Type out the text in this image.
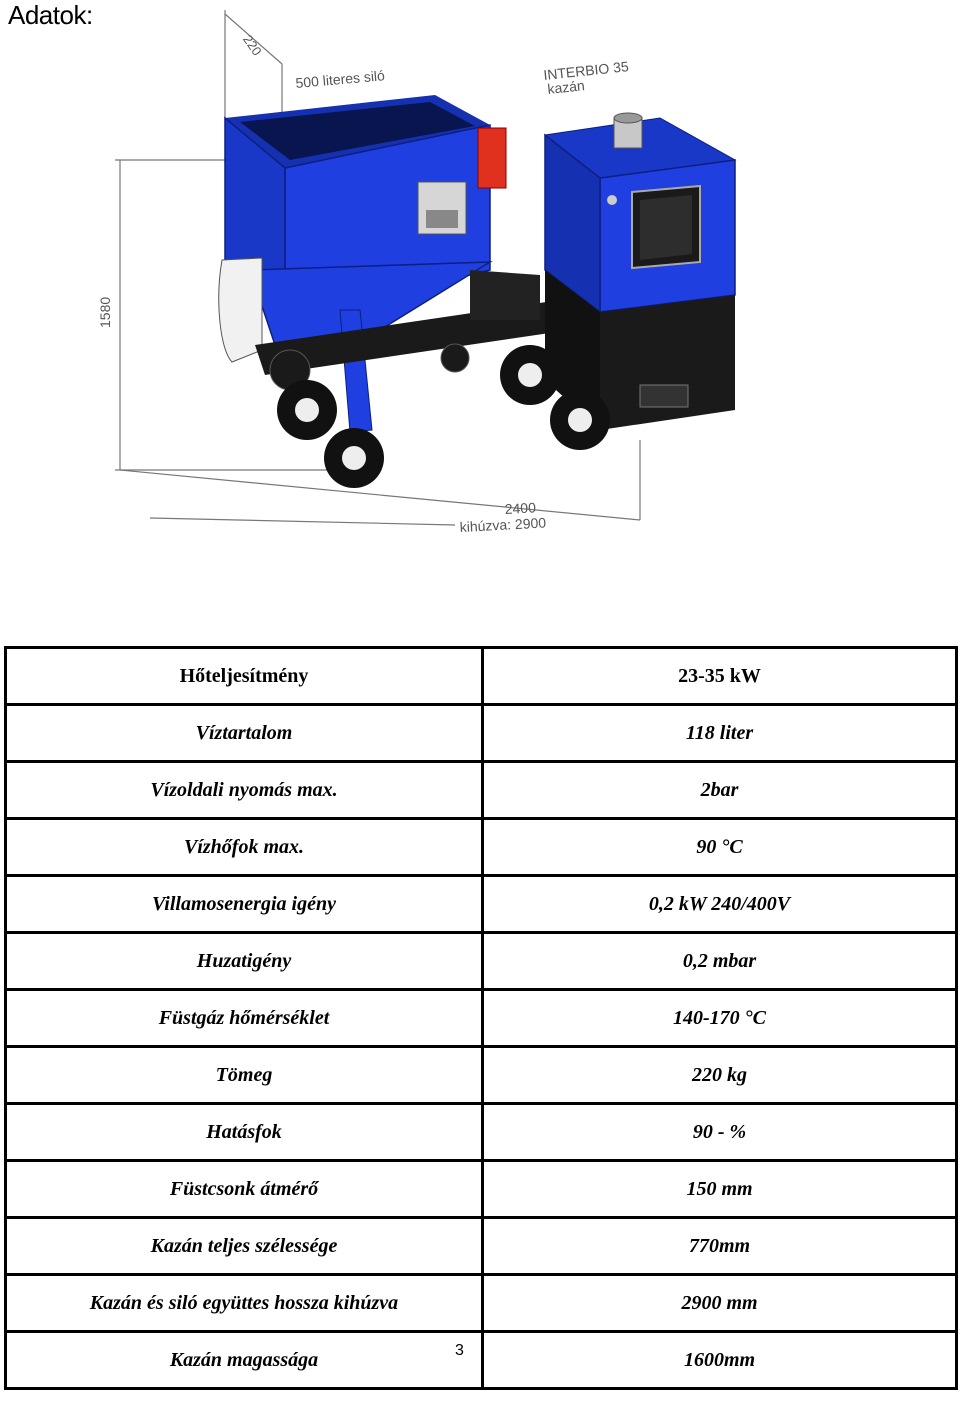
Adatok:
220
500 literes siló	INTERBIO 35
kazán
1580
2400
kihúzva: 2900
Hőteljesítmény	23-35 kW
Víztartalom	118 liter
Vízoldali nyomás max.	2bar
Vízhőfok max.	90 °C
Villamosenergia igény	0,2 kW 240/400V
Huzatigény	0,2 mbar
Füstgáz hőmérséklet	140-170 °C
Tömeg	220 kg
Hatásfok	90 - %
Füstcsonk átmérő	150 mm
Kazán teljes szélessége	770mm
Kazán és siló együttes hossza kihúzva	2900 mm
Kazán magassága	1600mm
3
